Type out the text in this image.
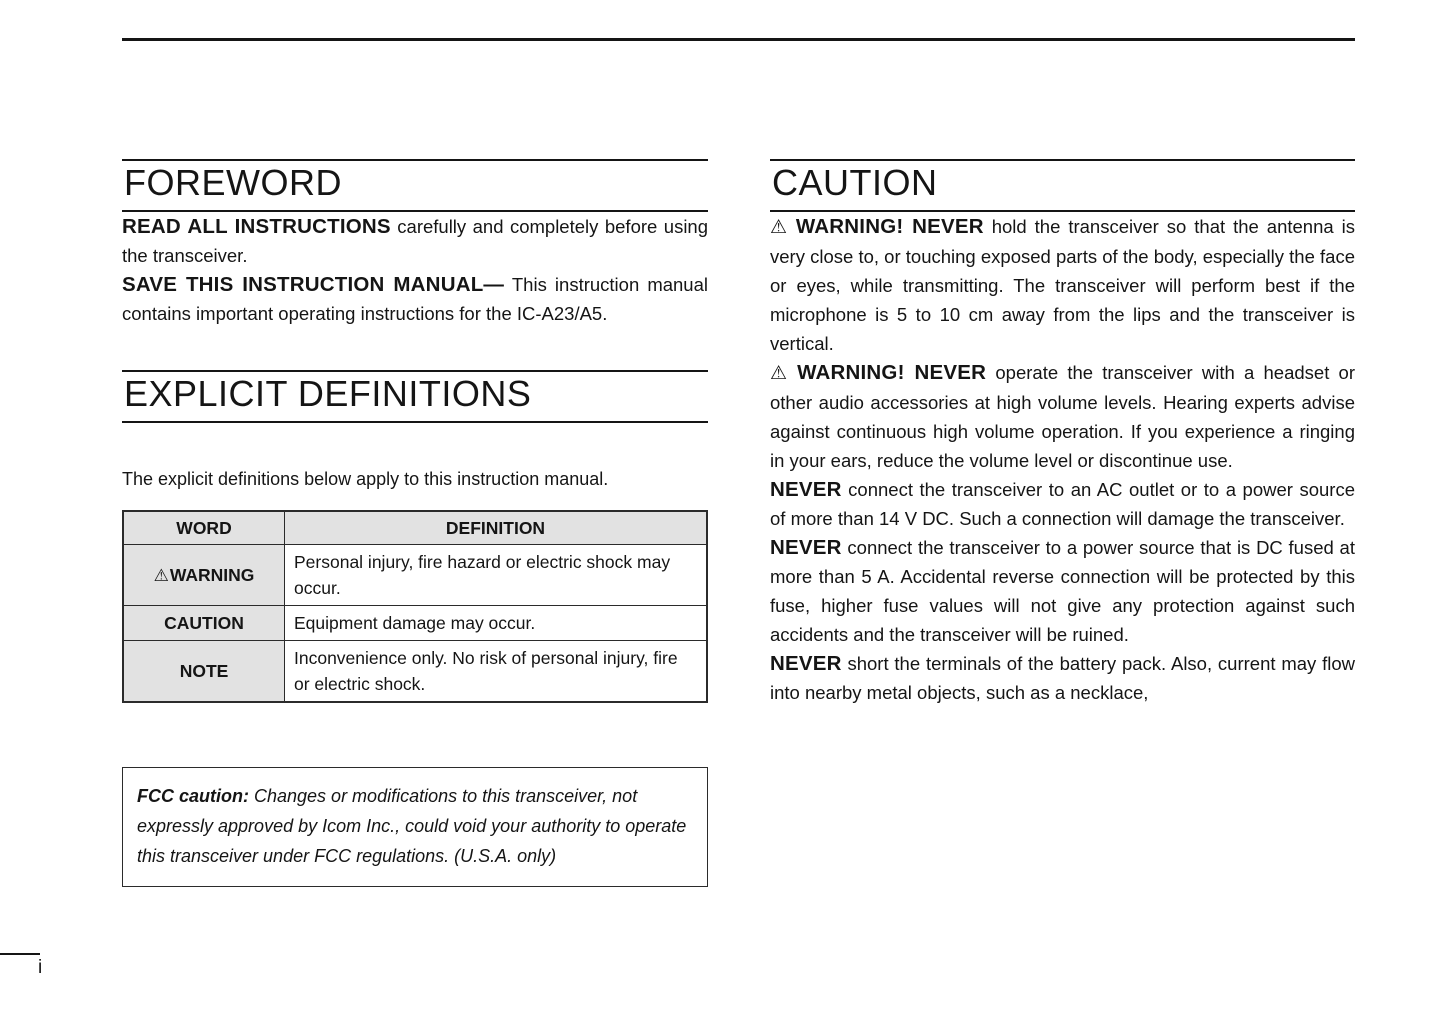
FOREWORD

READ ALL INSTRUCTIONS carefully and completely before using the transceiver.

SAVE THIS INSTRUCTION MANUAL— This instruction manual contains important operating instructions for the IC-A23/A5.

EXPLICIT DEFINITIONS

The explicit definitions below apply to this instruction manual.

WORD	DEFINITION
⚠WARNING	Personal injury, fire hazard or electric shock may occur.
CAUTION	Equipment damage may occur.
NOTE	Inconvenience only. No risk of personal injury, fire or electric shock.
FCC caution: Changes or modifications to this transceiver, not expressly approved by Icom Inc., could void your authority to operate this transceiver under FCC regulations. (U.S.A. only)
CAUTION

⚠ WARNING! NEVER hold the transceiver so that the antenna is very close to, or touching exposed parts of the body, especially the face or eyes, while transmitting. The transceiver will perform best if the microphone is 5 to 10 cm away from the lips and the transceiver is vertical.

⚠ WARNING! NEVER operate the transceiver with a headset or other audio accessories at high volume levels. Hearing experts advise against continuous high volume operation. If you experience a ringing in your ears, reduce the volume level or discontinue use.

NEVER connect the transceiver to an AC outlet or to a power source of more than 14 V DC. Such a connection will damage the transceiver.

NEVER connect the transceiver to a power source that is DC fused at more than 5 A. Accidental reverse connection will be protected by this fuse, higher fuse values will not give any protection against such accidents and the transceiver will be ruined.

NEVER short the terminals of the battery pack. Also, current may flow into nearby metal objects, such as a necklace,

i
